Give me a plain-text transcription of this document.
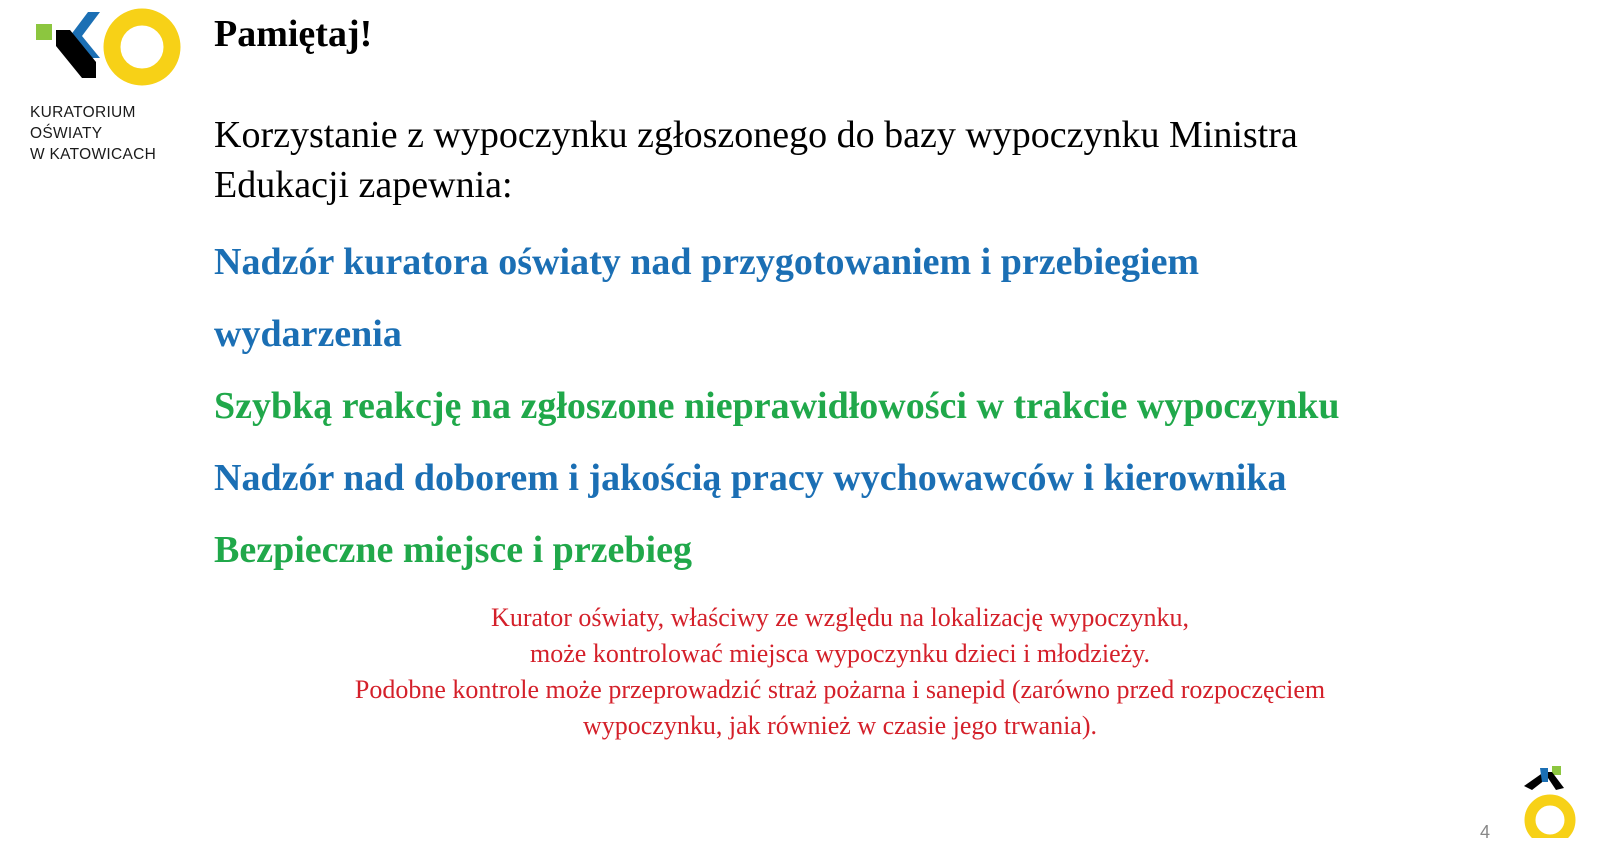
KURATORIUM
OŚWIATY
W KATOWICACH
Pamiętaj!
Korzystanie z wypoczynku zgłoszonego do bazy wypoczynku Ministra Edukacji zapewnia:
Nadzór kuratora oświaty nad przygotowaniem i przebiegiem
wydarzenia
Szybką reakcję na zgłoszone nieprawidłowości w trakcie wypoczynku
Nadzór nad doborem i jakością pracy wychowawców i kierownika
Bezpieczne miejsce i przebieg
Kurator oświaty, właściwy ze względu na lokalizację wypoczynku,
może kontrolować miejsca wypoczynku dzieci i młodzieży.
Podobne kontrole może przeprowadzić straż pożarna i sanepid (zarówno przed rozpoczęciem
wypoczynku, jak również w czasie jego trwania).
4
